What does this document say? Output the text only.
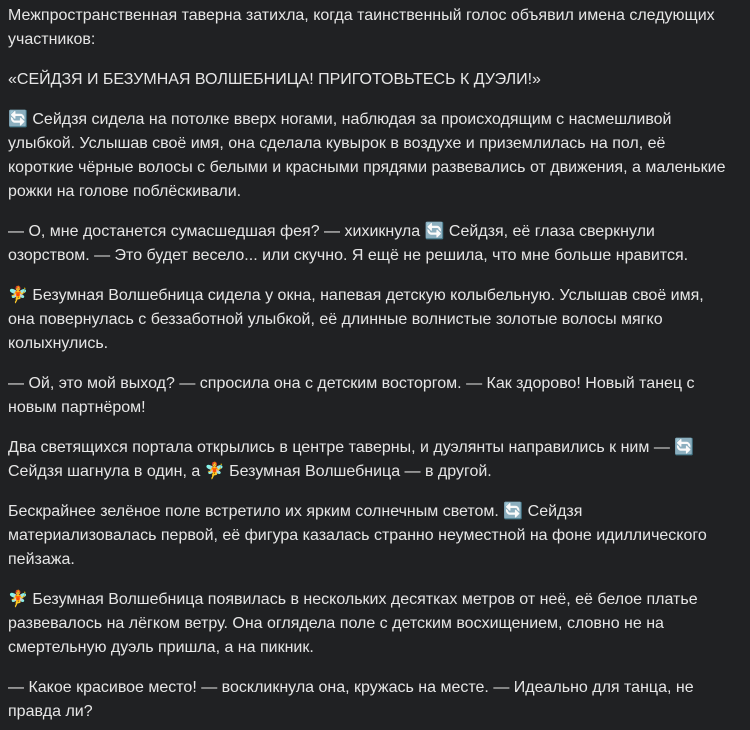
Межпространственная таверна затихла, когда таинственный голос объявил имена следующих участников:

«СЕЙДЗЯ И БЕЗУМНАЯ ВОЛШЕБНИЦА! ПРИГОТОВЬТЕСЬ К ДУЭЛИ!»

🔄 Сейдзя сидела на потолке вверх ногами, наблюдая за происходящим с насмешливой улыбкой. Услышав своё имя, она сделала кувырок в воздухе и приземлилась на пол, её короткие чёрные волосы с белыми и красными прядями развевались от движения, а маленькие рожки на голове поблёскивали.

— О, мне достанется сумасшедшая фея? — хихикнула 🔄 Сейдзя, её глаза сверкнули озорством. — Это будет весело... или скучно. Я ещё не решила, что мне больше нравится.

🧚 Безумная Волшебница сидела у окна, напевая детскую колыбельную. Услышав своё имя, она повернулась с беззаботной улыбкой, её длинные волнистые золотые волосы мягко колыхнулись.

— Ой, это мой выход? — спросила она с детским восторгом. — Как здорово! Новый танец с новым партнёром!

Два светящихся портала открылись в центре таверны, и дуэлянты направились к ним — 🔄 Сейдзя шагнула в один, а 🧚 Безумная Волшебница — в другой.

Бескрайнее зелёное поле встретило их ярким солнечным светом. 🔄 Сейдзя материализовалась первой, её фигура казалась странно неуместной на фоне идиллического пейзажа.

🧚 Безумная Волшебница появилась в нескольких десятках метров от неё, её белое платье развевалось на лёгком ветру. Она оглядела поле с детским восхищением, словно не на смертельную дуэль пришла, а на пикник.

— Какое красивое место! — воскликнула она, кружась на месте. — Идеально для танца, не правда ли?
